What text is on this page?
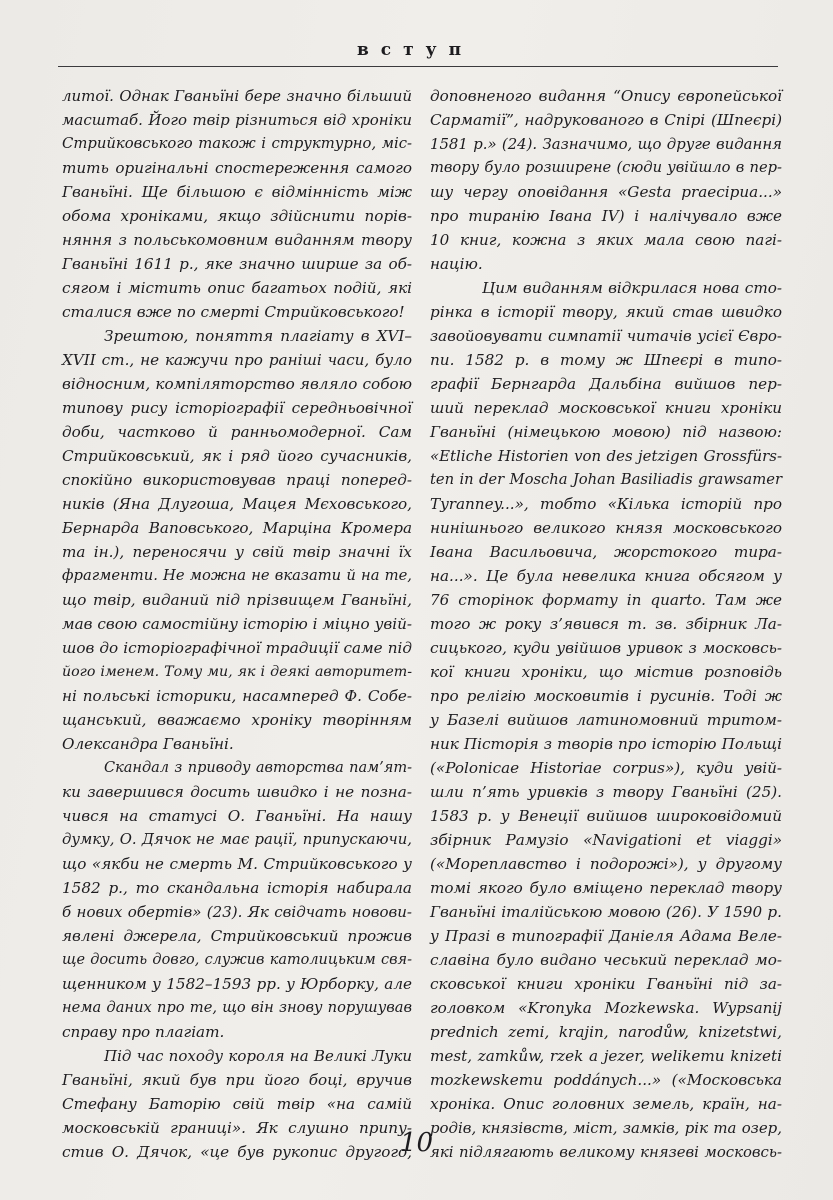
вступ
литої. Однак Гваньїні бере значно більший
масштаб. Його твір різниться від хроніки
Стрийковського також і структурно, міс-
тить оригінальні спостереження самого
Гваньїні. Ще більшою є відмінність між
обома хроніками, якщо здійснити порів-
няння з польськомовним виданням твору
Гваньїні 1611 р., яке значно ширше за об-
сягом і містить опис багатьох подій, які
сталися вже по смерті Стрийковського!
Зрештою, поняття плагіату в XVI–
XVII ст., не кажучи про раніші часи, було
відносним, компіляторство являло собою
типову рису історіографії середньовічної
доби, частково й ранньомодерної. Сам
Стрийковський, як і ряд його сучасників,
спокійно використовував праці поперед-
ників (Яна Длугоша, Мацея Мєховського,
Бернарда Ваповського, Марціна Кромера
та ін.), переносячи у свій твір значні їх
фрагменти. Не можна не вказати й на те,
що твір, виданий під прізвищем Гваньїні,
мав свою самостійну історію і міцно увій-
шов до історіографічної традиції саме під
його іменем. Тому ми, як і деякі авторитет-
ні польські історики, насамперед Ф. Собе-
щанський, вважаємо хроніку творінням
Олександра Гваньїні.
Скандал з приводу авторства пам’ят-
ки завершився досить швидко і не позна-
чився на статусі О. Гваньїні. На нашу
думку, О. Дячок не має рації, припускаючи,
що «якби не смерть М. Стрийковського у
1582 р., то скандальна історія набирала
б нових обертів» (23). Як свідчать новови-
явлені джерела, Стрийковський прожив
ще досить довго, служив католицьким свя-
щенником у 1582–1593 рр. у Юрборку, але
нема даних про те, що він знову порушував
справу про плагіат.
Під час походу короля на Великі Луки
Гваньїні, який був при його боці, вручив
Стефану Баторію свій твір «на самій
московській границі». Як слушно припу-
стив О. Дячок, «це був рукопис другого,
доповненого видання “Опису європейської
Сарматії”, надрукованого в Спірі (Шпеєрі)
1581 р.» (24). Зазначимо, що друге видання
твору було розширене (сюди увійшло в пер-
шу чергу оповідання «Gesta praecipua...»
про тиранію Івана IV) і налічувало вже
10 книг, кожна з яких мала свою пагі-
націю.
Цим виданням відкрилася нова сто-
рінка в історії твору, який став швидко
завойовувати симпатії читачів усієї Євро-
пи. 1582 р. в тому ж Шпеєрі в типо-
графії Бернгарда Дальбіна вийшов пер-
ший переклад московської книги хроніки
Гваньїні (німецькою мовою) під назвою:
«Etliche Historien von des jetzigen Grossfürs-
ten in der Moscha Johan Basiliadis grawsamer
Tyranney...», тобто «Кілька історій про
нинішнього великого князя московського
Івана Васильовича, жорстокого тира-
на...». Це була невелика книга обсягом у
76 сторінок формату in quarto. Там же
того ж року з’явився т. зв. збірник Ла-
сицького, куди увійшов уривок з московсь-
кої книги хроніки, що містив розповідь
про релігію московитів і русинів. Тоді ж
у Базелі вийшов латиномовний тритом-
ник Пісторія з творів про історію Польщі
(«Polonicae Historiae corpus»), куди увій-
шли п’ять уривків з твору Гваньїні (25).
1583 р. у Венеції вийшов широковідомий
збірник Рамузіо «Navigationi et viaggi»
(«Мореплавство і подорожі»), у другому
томі якого було вміщено переклад твору
Гваньїні італійською мовою (26). У 1590 р.
у Празі в типографії Даніеля Адама Веле-
славіна було видано чеський переклад мо-
сковської книги хроніки Гваньїні під за-
головком «Kronyka Mozkewska. Wypsanij
prednich zemi, krajin, narodůw, knizetstwi,
mest, zamkůw, rzek a jezer, welikemu knizeti
mozkewskemu poddánych...» («Московська
хроніка. Опис головних земель, країн, на-
родів, князівств, міст, замків, рік та озер,
які підлягають великому князеві московсь-
10
